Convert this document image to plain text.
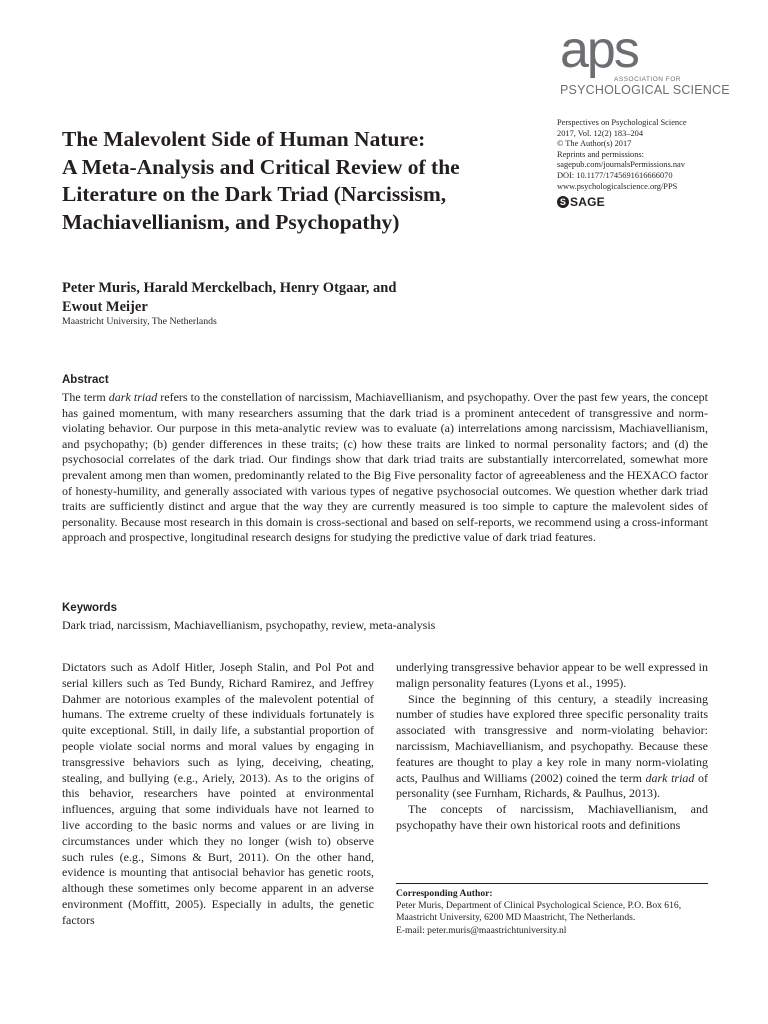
aps
ASSOCIATION FOR
PSYCHOLOGICAL SCIENCE
Perspectives on Psychological Science
2017, Vol. 12(2) 183–204
© The Author(s) 2017
Reprints and permissions:
sagepub.com/journalsPermissions.nav
DOI: 10.1177/1745691616666070
www.psychologicalscience.org/PPS
S SAGE
The Malevolent Side of Human Nature:
A Meta-Analysis and Critical Review of the
Literature on the Dark Triad (Narcissism,
Machiavellianism, and Psychopathy)
Peter Muris, Harald Merckelbach, Henry Otgaar, and
Ewout Meijer
Maastricht University, The Netherlands
Abstract
The term dark triad refers to the constellation of narcissism, Machiavellianism, and psychopathy. Over the past few years, the concept has gained momentum, with many researchers assuming that the dark triad is a prominent antecedent of transgressive and norm-violating behavior. Our purpose in this meta-analytic review was to evaluate (a) interrelations among narcissism, Machiavellianism, and psychopathy; (b) gender differences in these traits; (c) how these traits are linked to normal personality factors; and (d) the psychosocial correlates of the dark triad. Our findings show that dark triad traits are substantially intercorrelated, somewhat more prevalent among men than women, predominantly related to the Big Five personality factor of agreeableness and the HEXACO factor of honesty-humility, and generally associated with various types of negative psychosocial outcomes. We question whether dark triad traits are sufficiently distinct and argue that the way they are currently measured is too simple to capture the malevolent sides of personality. Because most research in this domain is cross-sectional and based on self-reports, we recommend using a cross-informant approach and prospective, longitudinal research designs for studying the predictive value of dark triad features.
Keywords
Dark triad, narcissism, Machiavellianism, psychopathy, review, meta-analysis

Dictators such as Adolf Hitler, Joseph Stalin, and Pol Pot and serial killers such as Ted Bundy, Richard Ramirez, and Jeffrey Dahmer are notorious examples of the malevolent potential of humans. The extreme cruelty of these individuals fortunately is quite exceptional. Still, in daily life, a substantial proportion of people violate social norms and moral values by engaging in transgressive behaviors such as lying, deceiving, cheating, stealing, and bullying (e.g., Ariely, 2013). As to the origins of this behavior, researchers have pointed at environmental influences, arguing that some individuals have not learned to live according to the basic norms and values or are living in circumstances under which they no longer (wish to) observe such rules (e.g., Simons & Burt, 2011). On the other hand, evidence is mounting that antisocial behavior has genetic roots, although these sometimes only become apparent in an adverse environment (Moffitt, 2005). Especially in adults, the genetic factors

underlying transgressive behavior appear to be well expressed in malign personality features (Lyons et al., 1995).

Since the beginning of this century, a steadily increasing number of studies have explored three specific personality traits associated with transgressive and norm-violating behavior: narcissism, Machiavellianism, and psychopathy. Because these features are thought to play a key role in many norm-violating acts, Paulhus and Williams (2002) coined the term dark triad of personality (see Furnham, Richards, & Paulhus, 2013).

The concepts of narcissism, Machiavellianism, and psychopathy have their own historical roots and definitions

Corresponding Author:
Peter Muris, Department of Clinical Psychological Science, P.O. Box 616,
Maastricht University, 6200 MD Maastricht, The Netherlands.
E-mail: peter.muris@maastrichtuniversity.nl
